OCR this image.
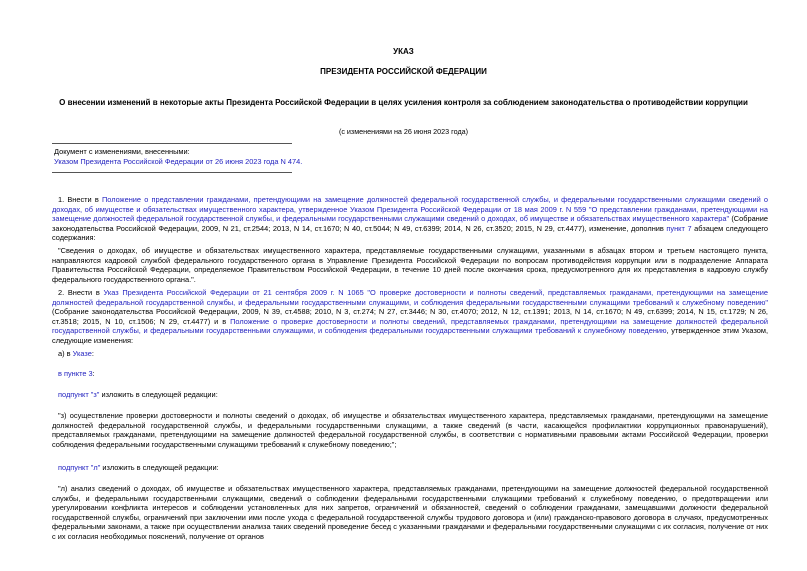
УКАЗ
ПРЕЗИДЕНТА РОССИЙСКОЙ ФЕДЕРАЦИИ
О внесении изменений в некоторые акты Президента Российской Федерации в целях усиления контроля за соблюдением законодательства о противодействии коррупции
(с изменениями на 26 июня 2023 года)
Документ с изменениями, внесенными:
Указом Президента Российской Федерации от 26 июня 2023 года N 474.
1. Внести в Положение о представлении гражданами, претендующими на замещение должностей федеральной государственной службы, и федеральными государственными служащими сведений о доходах, об имуществе и обязательствах имущественного характера, утвержденное Указом Президента Российской Федерации от 18 мая 2009 г. N 559 "О представлении гражданами, претендующими на замещение должностей федеральной государственной службы, и федеральными государственными служащими сведений о доходах, об имуществе и обязательствах имущественного характера" (Собрание законодательства Российской Федерации, 2009, N 21, ст.2544; 2013, N 14, ст.1670; N 40, ст.5044; N 49, ст.6399; 2014, N 26, ст.3520; 2015, N 29, ст.4477), изменение, дополнив пункт 7 абзацем следующего содержания:
"Сведения о доходах, об имуществе и обязательствах имущественного характера, представляемые государственными служащими, указанными в абзацах втором и третьем настоящего пункта, направляются кадровой службой федерального государственного органа в Управление Президента Российской Федерации по вопросам противодействия коррупции или в подразделение Аппарата Правительства Российской Федерации, определяемое Правительством Российской Федерации, в течение 10 дней после окончания срока, предусмотренного для их представления в кадровую службу федерального государственного органа.".
2. Внести в Указ Президента Российской Федерации от 21 сентября 2009 г. N 1065 "О проверке достоверности и полноты сведений, представляемых гражданами, претендующими на замещение должностей федеральной государственной службы, и федеральными государственными служащими, и соблюдения федеральными государственными служащими требований к служебному поведению" (Собрание законодательства Российской Федерации, 2009, N 39, ст.4588; 2010, N 3, ст.274; N 27, ст.3446; N 30, ст.4070; 2012, N 12, ст.1391; 2013, N 14, ст.1670; N 49, ст.6399; 2014, N 15, ст.1729; N 26, ст.3518; 2015, N 10, ст.1506; N 29, ст.4477) и в Положение о проверке достоверности и полноты сведений, представляемых гражданами, претендующими на замещение должностей федеральной государственной службы, и федеральными государственными служащими, и соблюдения федеральными государственными служащими требований к служебному поведению, утвержденное этим Указом, следующие изменения:
а) в Указе:
в пункте 3:
подпункт "з" изложить в следующей редакции:
"з) осуществление проверки достоверности и полноты сведений о доходах, об имуществе и обязательствах имущественного характера, представляемых гражданами, претендующими на замещение должностей федеральной государственной службы, и федеральными государственными служащими, а также сведений (в части, касающейся профилактики коррупционных правонарушений), представляемых гражданами, претендующими на замещение должностей федеральной государственной службы, в соответствии с нормативными правовыми актами Российской Федерации, проверки соблюдения федеральными государственными служащими требований к служебному поведению;";
подпункт "л" изложить в следующей редакции:
"л) анализ сведений о доходах, об имуществе и обязательствах имущественного характера, представляемых гражданами, претендующими на замещение должностей федеральной государственной службы, и федеральными государственными служащими, сведений о соблюдении федеральными государственными служащими требований к служебному поведению, о предотвращении или урегулировании конфликта интересов и соблюдении установленных для них запретов, ограничений и обязанностей, сведений о соблюдении гражданами, замещавшими должности федеральной государственной службы, ограничений при заключении ими после ухода с федеральной государственной службы трудового договора и (или) гражданско-правового договора в случаях, предусмотренных федеральными законами, а также при осуществлении анализа таких сведений проведение бесед с указанными гражданами и федеральными государственными служащими с их согласия, получение от них с их согласия необходимых пояснений, получение от органов
